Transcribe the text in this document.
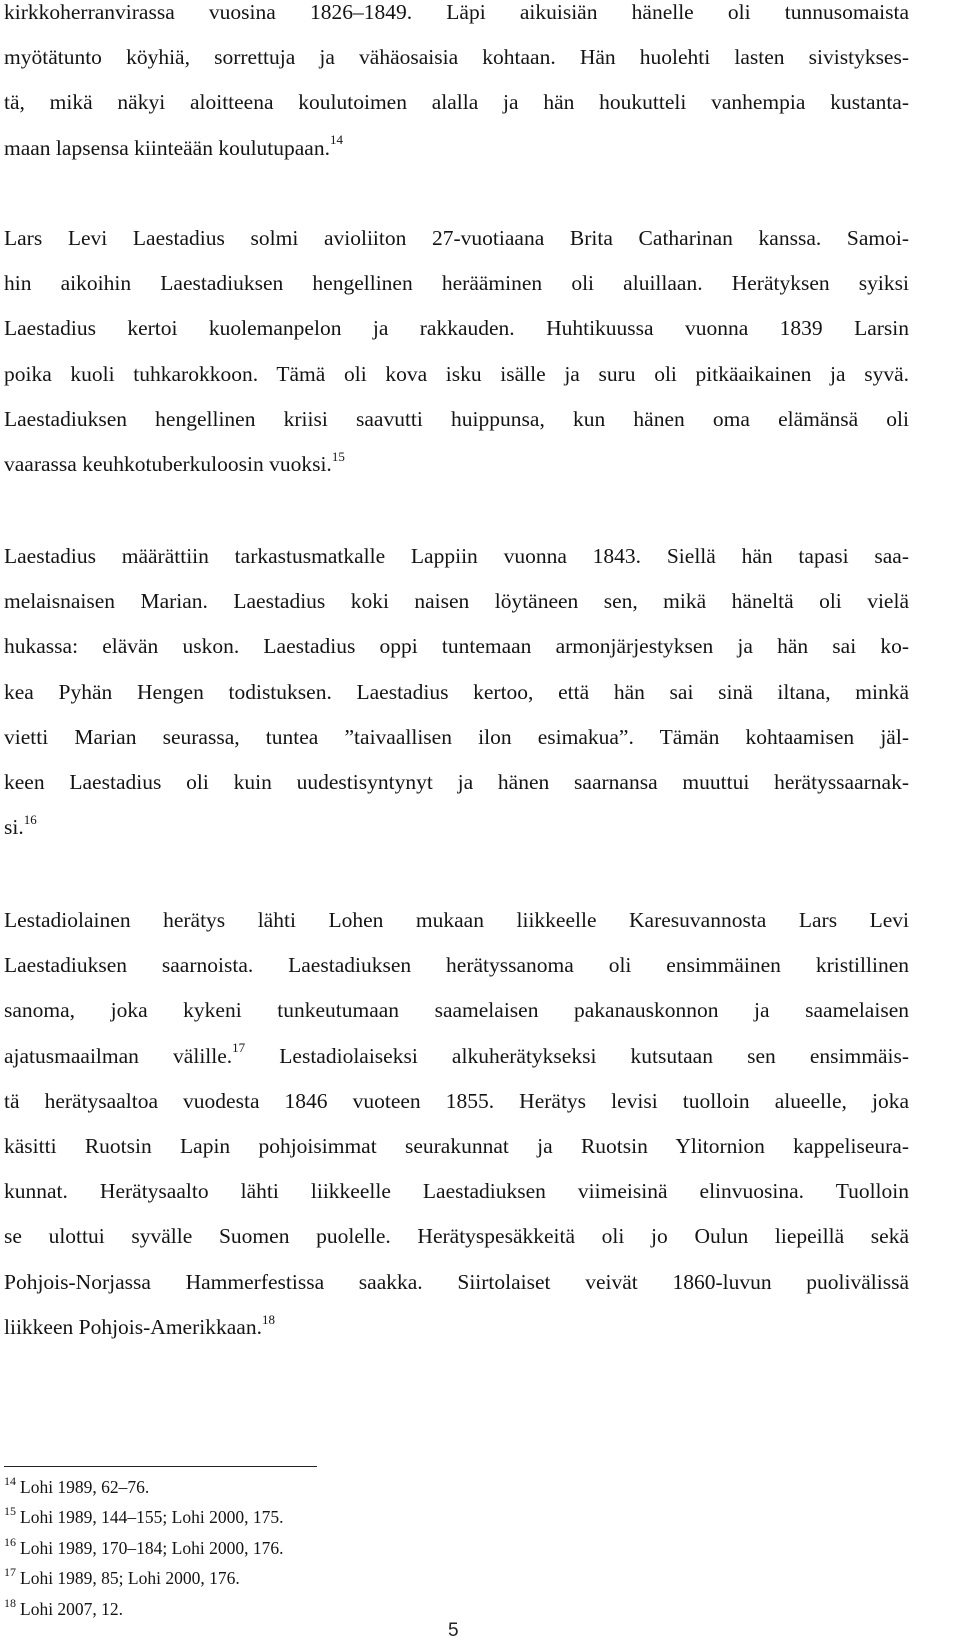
kirkkoherranvirassa vuosina 1826–1849. Läpi aikuisiän hänelle oli tunnusomaista
myötätunto köyhiä, sorrettuja ja vähäosaisia kohtaan. Hän huolehti lasten sivistykses-
tä, mikä näkyi aloitteena koulutoimen alalla ja hän houkutteli vanhempia kustanta-
maan lapsensa kiinteään koulutupaan.$^{14}$
Lars Levi Laestadius solmi avioliiton 27-vuotiaana Brita Catharinan kanssa. Samoi-
hin aikoihin Laestadiuksen hengellinen herääminen oli aluillaan. Herätyksen syiksi
Laestadius kertoi kuolemanpelon ja rakkauden. Huhtikuussa vuonna 1839 Larsin
poika kuoli tuhkarokkoon. Tämä oli kova isku isälle ja suru oli pitkäaikainen ja syvä.
Laestadiuksen hengellinen kriisi saavutti huippunsa, kun hänen oma elämänsä oli
vaarassa keuhkotuberkuloosin vuoksi.$^{15}$
Laestadius määrättiin tarkastusmatkalle Lappiin vuonna 1843. Siellä hän tapasi saa-
melaisnaisen Marian. Laestadius koki naisen löytäneen sen, mikä häneltä oli vielä
hukassa: elävän uskon. Laestadius oppi tuntemaan armonjärjestyksen ja hän sai ko-
kea Pyhän Hengen todistuksen. Laestadius kertoo, että hän sai sinä iltana, minkä
vietti Marian seurassa, tuntea ”taivaallisen ilon esimakua”. Tämän kohtaamisen jäl-
keen Laestadius oli kuin uudestisyntynyt ja hänen saarnansa muuttui herätyssaarnak-
si.$^{16}$
Lestadiolainen herätys lähti Lohen mukaan liikkeelle Karesuvannosta Lars Levi
Laestadiuksen saarnoista. Laestadiuksen herätyssanoma oli ensimmäinen kristillinen
sanoma, joka kykeni tunkeutumaan saamelaisen pakanauskonnon ja saamelaisen
ajatusmaailman välille.$^{17}$ Lestadiolaiseksi alkuherätykseksi kutsutaan sen ensimmäis-
tä herätysaaltoa vuodesta 1846 vuoteen 1855. Herätys levisi tuolloin alueelle, joka
käsitti Ruotsin Lapin pohjoisimmat seurakunnat ja Ruotsin Ylitornion kappeliseura-
kunnat. Herätysaalto lähti liikkeelle Laestadiuksen viimeisinä elinvuosina. Tuolloin
se ulottui syvälle Suomen puolelle. Herätyspesäkkeitä oli jo Oulun liepeillä sekä
Pohjois-Norjassa Hammerfestissa saakka. Siirtolaiset veivät 1860-luvun puolivälissä
liikkeen Pohjois-Amerikkaan.$^{18}$
$^{14}$ Lohi 1989, 62–76.
$^{15}$ Lohi 1989, 144–155; Lohi 2000, 175.
$^{16}$ Lohi 1989, 170–184; Lohi 2000, 176.
$^{17}$ Lohi 1989, 85; Lohi 2000, 176.
$^{18}$ Lohi 2007, 12.
5
